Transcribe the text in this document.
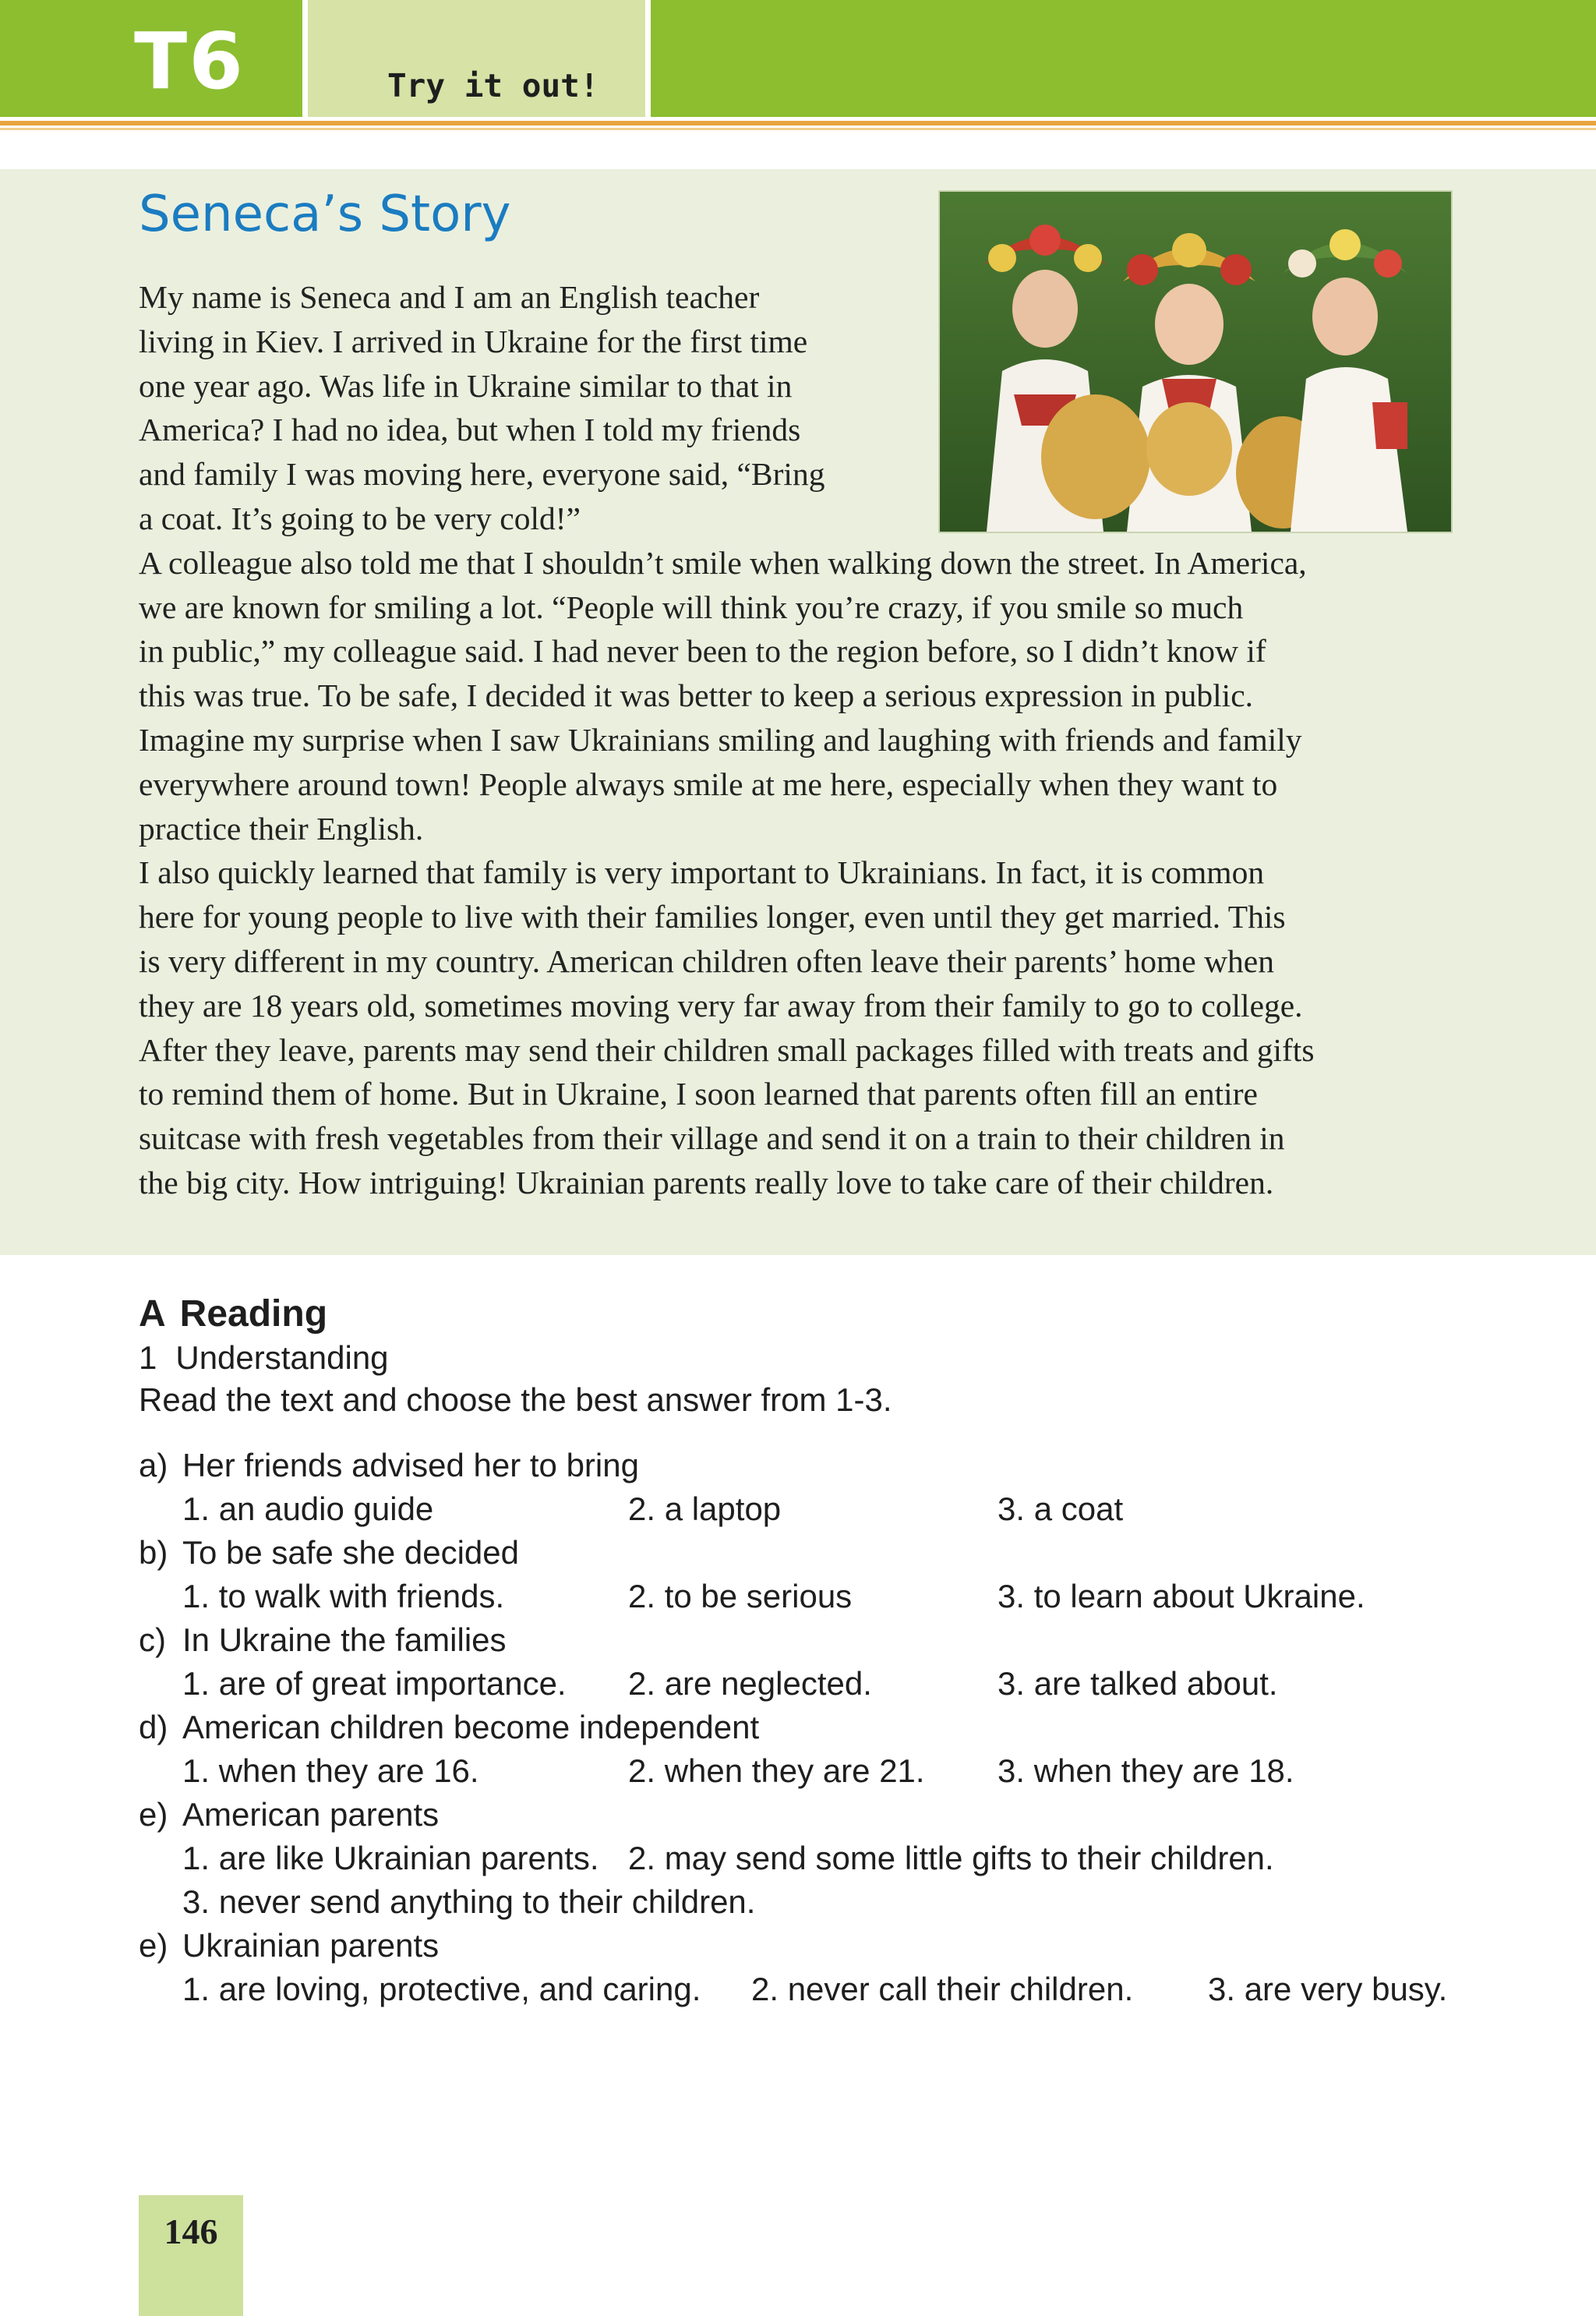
T6	Try it out!
Seneca’s Story
My name is Seneca and I am an English teacher
living in Kiev. I arrived in Ukraine for the first time
one year ago. Was life in Ukraine similar to that in
America? I had no idea, but when I told my friends
and family I was moving here, everyone said, “Bring
a coat. It’s going to be very cold!”
A colleague also told me that I shouldn’t smile when walking down the street. In America,
we are known for smiling a lot. “People will think you’re crazy, if you smile so much
in public,” my colleague said. I had never been to the region before, so I didn’t know if
this was true. To be safe, I decided it was better to keep a serious expression in public.
Imagine my surprise when I saw Ukrainians smiling and laughing with friends and family
everywhere around town! People always smile at me here, especially when they want to
practice their English.
I also quickly learned that family is very important to Ukrainians. In fact, it is common
here for young people to live with their families longer, even until they get married. This
is very different in my country. American children often leave their parents’ home when
they are 18 years old, sometimes moving very far away from their family to go to college.
After they leave, parents may send their children small packages filled with treats and gifts
to remind them of home. But in Ukraine, I soon learned that parents often fill an entire
suitcase with fresh vegetables from their village and send it on a train to their children in
the big city. How intriguing! Ukrainian parents really love to take care of their children.
A Reading
1 Understanding
Read the text and choose the best answer from 1-3.
a) Her friends advised her to bring
1. an audio guide	2. a laptop	3. a coat
b) To be safe she decided
1. to walk with friends.	2. to be serious	3. to learn about Ukraine.
c) In Ukraine the families
1. are of great importance. 2. are neglected.	3. are talked about.
d) American children become independent
1. when they are 16.	2. when they are 21. 3. when they are 18.
e) American parents
1. are like Ukrainian parents. 2. may send some little gifts to their children.
3. never send anything to their children.
e) Ukrainian parents
1. are loving, protective, and caring. 2. never call their children. 3. are very busy.
146
